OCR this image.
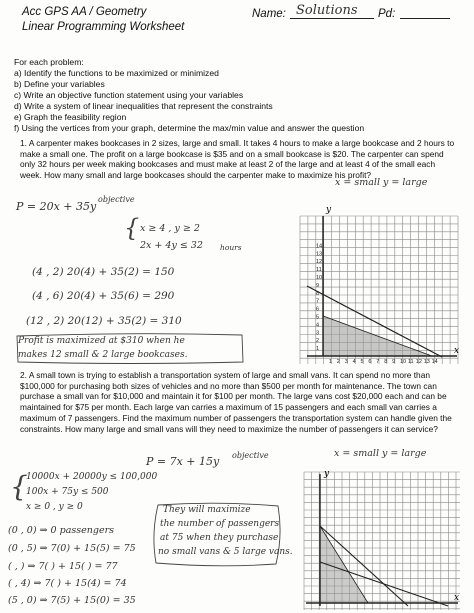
Acc GPS AA / Geometry
Linear Programming Worksheet
Name: Solutions Pd:
For each problem:
a) Identify the functions to be maximized or minimized
b) Define your variables
c) Write an objective function statement using your variables
d) Write a system of linear inequalities that represent the constraints
e) Graph the feasibility region
f) Using the vertices from your graph, determine the max/min value and answer the question
1. A carpenter makes bookcases in 2 sizes, large and small. It takes 4 hours to make a large bookcase and 2 hours to make a small one. The profit on a large bookcase is $35 and on a small bookcase is $20. The carpenter can spend only 32 hours per week making bookcases and must make at least 2 of the large and at least 4 of the small each week. How many small and large bookcases should the carpenter make to maximize his profit?
x = small y = large
objective
P = 20x + 35y
{ x ≥ 4 , y ≥ 2
2x + 4y ≤ 32 hours
(4 , 2) 20(4) + 35(2) = 150
(4 , 6) 20(4) + 35(6) = 290
(12 , 2) 20(12) + 35(2) = 310
Profit is maximized at $310 when he
makes 12 small & 2 large bookcases.
y
x
1
1
2
2
3
3
4
4
5
5
6
6
7
7
8
8
9
9
10
10
11
11
12
12
13
13
14
14
2. A small town is trying to establish a transportation system of large and small vans. It can spend no more than $100,000 for purchasing both sizes of vehicles and no more than $500 per month for maintenance. The town can purchase a small van for $10,000 and maintain it for $100 per month. The large vans cost $20,000 each and can be maintained for $75 per month. Each large van carries a maximum of 15 passengers and each small van carries a maximum of 7 passengers. Find the maximum number of passengers the transportation system can handle given the constraints. How many large and small vans will they need to maximize the number of passengers it can service?
x = small y = large
objective
P = 7x + 15y
{
10000x + 20000y ≤ 100,000
100x + 75y ≤ 500
x ≥ 0 , y ≥ 0
(0 , 0) ⇒ 0 passengers
(0 , 5) ⇒ 7(0) + 15(5) = 75
( , ) ⇒ 7( ) + 15( ) = 77
( , 4) ⇒ 7( ) + 15(4) = 74
(5 , 0) ⇒ 7(5) + 15(0) = 35
They will maximize
the number of passengers
at 75 when they purchase
no small vans & 5 large vans.
y
x
